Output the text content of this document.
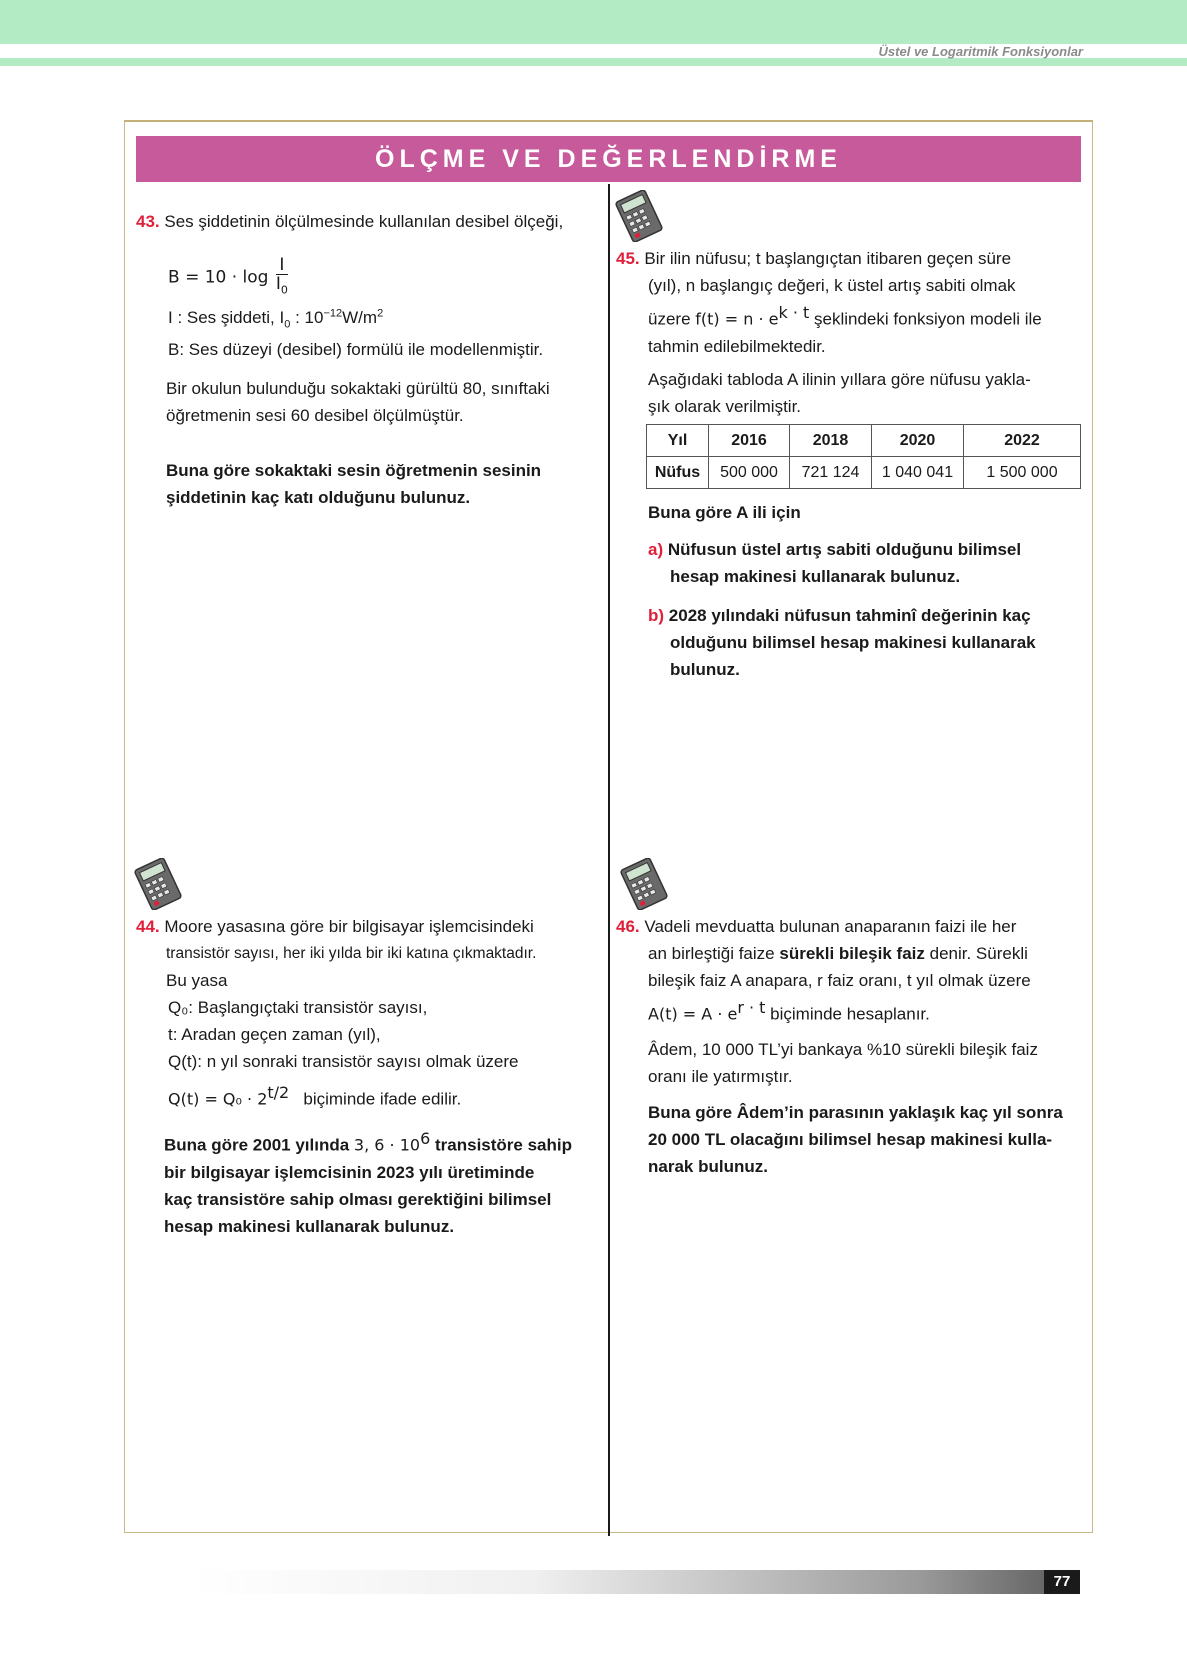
Üstel ve Logaritmik Fonksiyonlar
ÖLÇME VE DEĞERLENDİRME
43. Ses şiddetinin ölçülmesinde kullanılan desibel ölçeği,
$B = 10 \cdot \log \frac{I}{I_0}$
I : Ses şiddeti, $I_0$ : $10^{-12}W/m^2$
B: Ses düzeyi (desibel) formülü ile modellenmiştir.
Bir okulun bulunduğu sokaktaki gürültü 80, sınıftaki
öğretmenin sesi 60 desibel ölçülmüştür.
Buna göre sokaktaki sesin öğretmenin sesinin
şiddetinin kaç katı olduğunu bulunuz.
45. Bir ilin nüfusu; t başlangıçtan itibaren geçen süre
(yıl), n başlangıç değeri, k üstel artış sabiti olmak
üzere $f(t) = n \cdot e^{k \cdot t}$ şeklindeki fonksiyon modeli ile
tahmin edilebilmektedir.
Aşağıdaki tabloda A ilinin yıllara göre nüfusu yakla-
şık olarak verilmiştir.
Yıl	2016	2018	2020	2022
Nüfus	500 000	721 124	1 040 041	1 500 000
Buna göre A ili için
a) Nüfusun üstel artış sabiti olduğunu bilimsel
hesap makinesi kullanarak bulunuz.
b) 2028 yılındaki nüfusun tahminî değerinin kaç
olduğunu bilimsel hesap makinesi kullanarak
bulunuz.
44. Moore yasasına göre bir bilgisayar işlemcisindeki
transistör sayısı, her iki yılda bir iki katına çıkmaktadır.
Bu yasa
Q₀: Başlangıçtaki transistör sayısı,
t: Aradan geçen zaman (yıl),
Q(t): n yıl sonraki transistör sayısı olmak üzere
$Q(t) = Q_0 \cdot 2^{t/2}$ biçiminde ifade edilir.
Buna göre 2001 yılında 3, $6 \cdot 10^6$ transistöre sahip
bir bilgisayar işlemcisinin 2023 yılı üretiminde
kaç transistöre sahip olması gerektiğini bilimsel
hesap makinesi kullanarak bulunuz.
46. Vadeli mevduatta bulunan anaparanın faizi ile her
an birleştiği faize sürekli bileşik faiz denir. Sürekli
bileşik faiz A anapara, r faiz oranı, t yıl olmak üzere
$A(t) = A \cdot e^{r \cdot t}$ biçiminde hesaplanır.
Âdem, 10 000 TL’yi bankaya %10 sürekli bileşik faiz
oranı ile yatırmıştır.
Buna göre Âdem’in parasının yaklaşık kaç yıl sonra
20 000 TL olacağını bilimsel hesap makinesi kulla-
narak bulunuz.
77
